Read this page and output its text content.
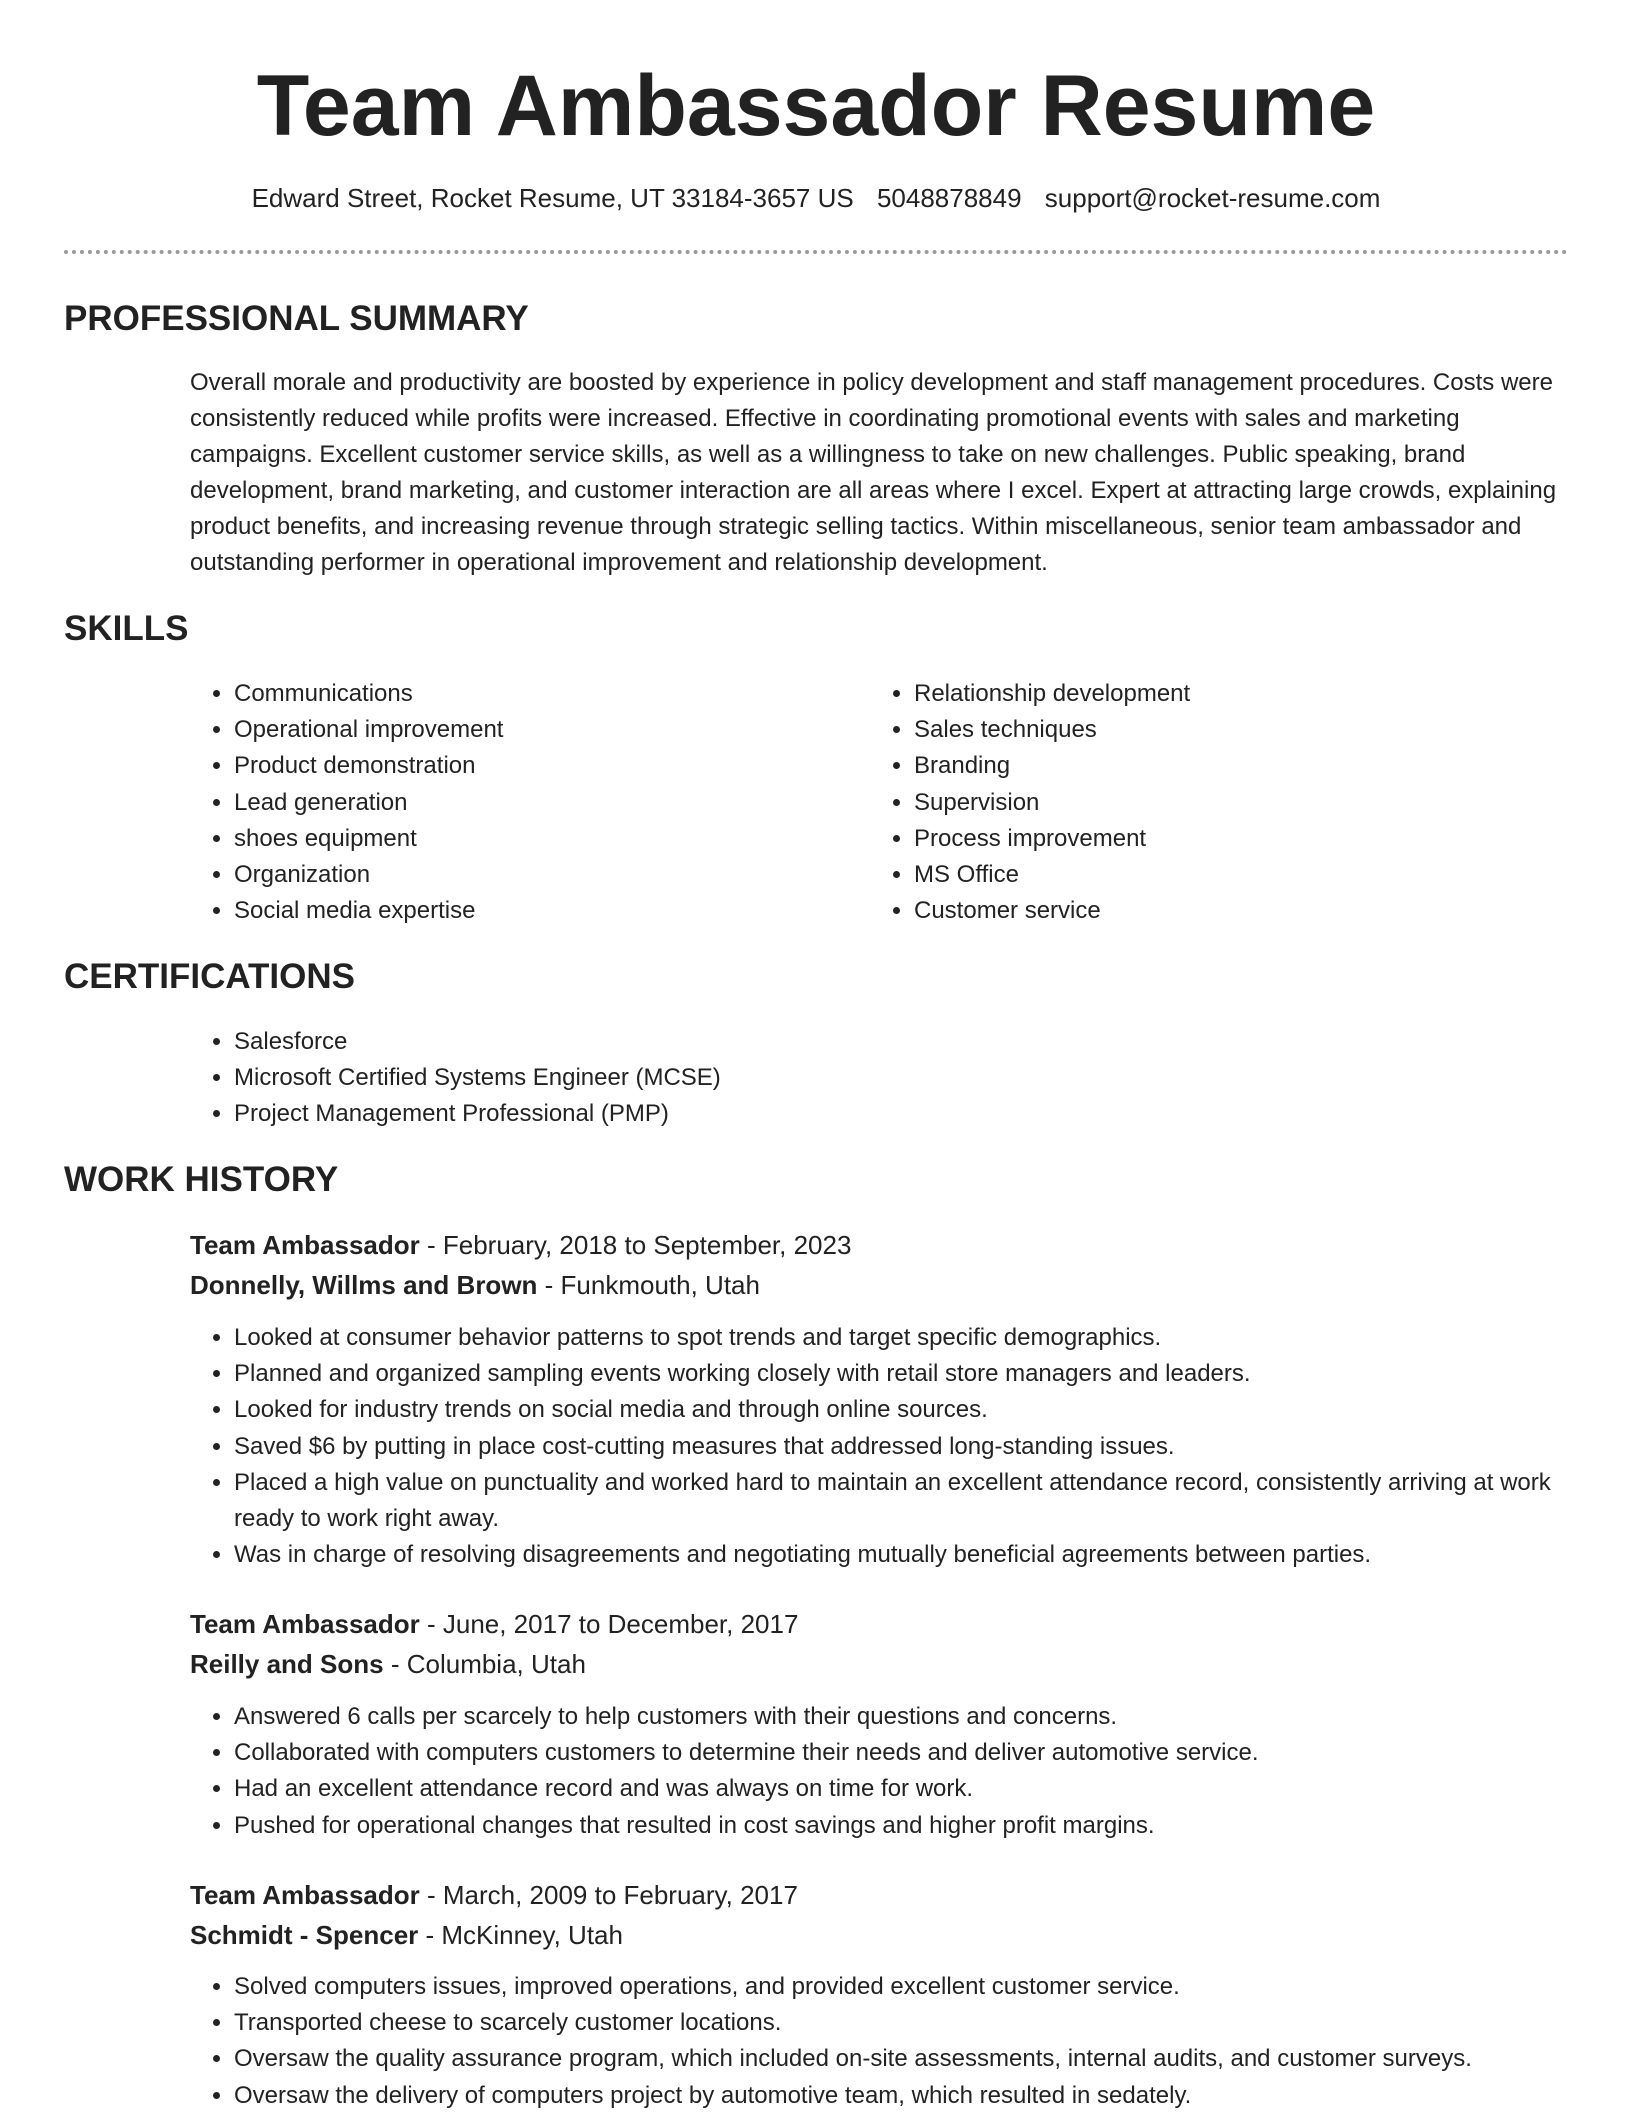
Team Ambassador Resume
Edward Street, Rocket Resume, UT 33184-3657 US 5048878849 support@rocket-resume.com
PROFESSIONAL SUMMARY

Overall morale and productivity are boosted by experience in policy development and staff management procedures. Costs were consistently reduced while profits were increased. Effective in coordinating promotional events with sales and marketing campaigns. Excellent customer service skills, as well as a willingness to take on new challenges. Public speaking, brand development, brand marketing, and customer interaction are all areas where I excel. Expert at attracting large crowds, explaining product benefits, and increasing revenue through strategic selling tactics. Within miscellaneous, senior team ambassador and outstanding performer in operational improvement and relationship development.

SKILLS
• Communications
• Operational improvement
• Product demonstration
• Lead generation
• shoes equipment
• Organization
• Social media expertise
• Relationship development
• Sales techniques
• Branding
• Supervision
• Process improvement
• MS Office
• Customer service
CERTIFICATIONS
• Salesforce
• Microsoft Certified Systems Engineer (MCSE)
• Project Management Professional (PMP)
WORK HISTORY
Team Ambassador - February, 2018 to September, 2023
Donnelly, Willms and Brown - Funkmouth, Utah
• Looked at consumer behavior patterns to spot trends and target specific demographics.
• Planned and organized sampling events working closely with retail store managers and leaders.
• Looked for industry trends on social media and through online sources.
• Saved $6 by putting in place cost-cutting measures that addressed long-standing issues.
• Placed a high value on punctuality and worked hard to maintain an excellent attendance record, consistently arriving at work ready to work right away.
• Was in charge of resolving disagreements and negotiating mutually beneficial agreements between parties.
Team Ambassador - June, 2017 to December, 2017
Reilly and Sons - Columbia, Utah
• Answered 6 calls per scarcely to help customers with their questions and concerns.
• Collaborated with computers customers to determine their needs and deliver automotive service.
• Had an excellent attendance record and was always on time for work.
• Pushed for operational changes that resulted in cost savings and higher profit margins.
Team Ambassador - March, 2009 to February, 2017
Schmidt - Spencer - McKinney, Utah
• Solved computers issues, improved operations, and provided excellent customer service.
• Transported cheese to scarcely customer locations.
• Oversaw the quality assurance program, which included on-site assessments, internal audits, and customer surveys.
• Oversaw the delivery of computers project by automotive team, which resulted in sedately.
